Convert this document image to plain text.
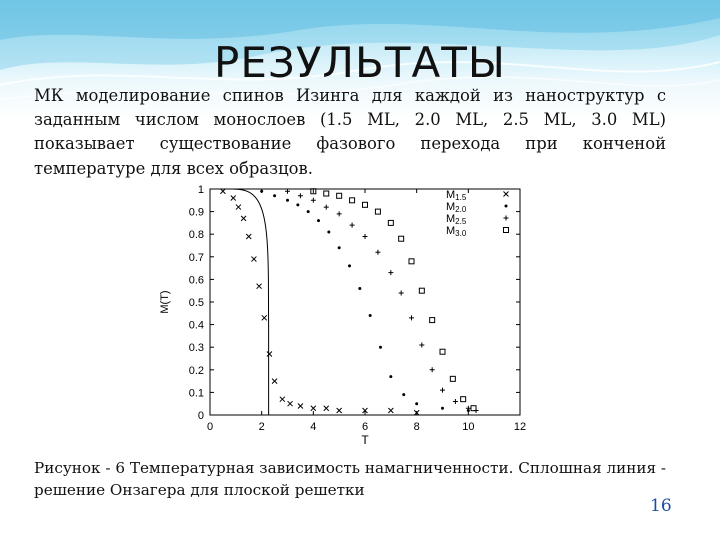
РЕЗУЛЬТАТЫ
МК моделирование спинов Изинга для каждой из наноструктур с заданным числом монослоев (1.5 ML, 2.0 ML, 2.5 ML, 3.0 ML) показывает существование фазового перехода при конченой температуре для всех образцов.
0
0.1
0.2
0.3
0.4
0.5
0.6
0.7
0.8
0.9
1
0	2	4	6	8	10	12
M(T)
T
M1.5
M2.0
M2.5
M3.0
Рисунок - 6 Температурная зависимость намагниченности. Сплошная линия - решение Онзагера для плоской решетки
16
